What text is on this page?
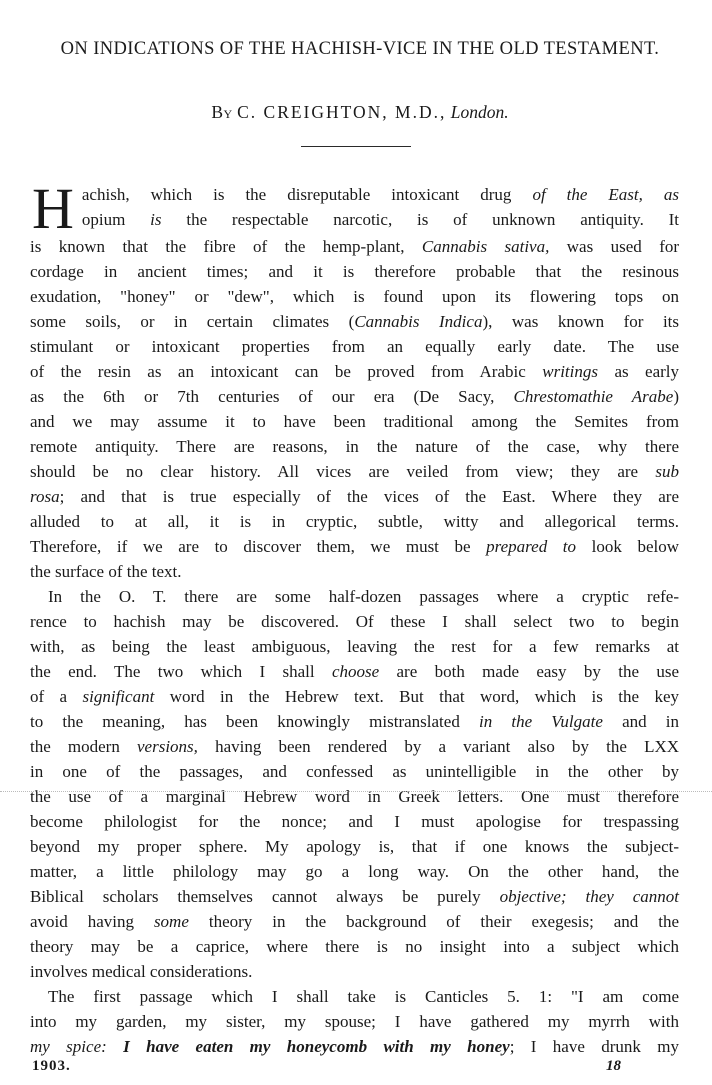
ON INDICATIONS OF THE HACHISH-VICE IN THE OLD TESTAMENT.
By C. CREIGHTON, M.D., London.
H achish, which is the disreputable intoxicant drug of the East, as
opium is the respectable narcotic, is of unknown antiquity. It
is known that the fibre of the hemp-plant, Cannabis sativa, was used for
cordage in ancient times; and it is therefore probable that the resinous
exudation, "honey" or "dew", which is found upon its flowering tops on
some soils, or in certain climates (Cannabis Indica), was known for its
stimulant or intoxicant properties from an equally early date. The use
of the resin as an intoxicant can be proved from Arabic writings as early
as the 6th or 7th centuries of our era (De Sacy, Chrestomathie Arabe)
and we may assume it to have been traditional among the Semites from
remote antiquity. There are reasons, in the nature of the case, why there
should be no clear history. All vices are veiled from view; they are sub
rosa; and that is true especially of the vices of the East. Where they are
alluded to at all, it is in cryptic, subtle, witty and allegorical terms.
Therefore, if we are to discover them, we must be prepared to look below
the surface of the text.
In the O. T. there are some half-dozen passages where a cryptic refe-
rence to hachish may be discovered. Of these I shall select two to begin
with, as being the least ambiguous, leaving the rest for a few remarks at
the end. The two which I shall choose are both made easy by the use
of a significant word in the Hebrew text. But that word, which is the key
to the meaning, has been knowingly mistranslated in the Vulgate and in
the modern versions, having been rendered by a variant also by the LXX
in one of the passages, and confessed as unintelligible in the other by
the use of a marginal Hebrew word in Greek letters. One must therefore
become philologist for the nonce; and I must apologise for trespassing
beyond my proper sphere. My apology is, that if one knows the subject-
matter, a little philology may go a long way. On the other hand, the
Biblical scholars themselves cannot always be purely objective; they cannot
avoid having some theory in the background of their exegesis; and the
theory may be a caprice, where there is no insight into a subject which
involves medical considerations.
The first passage which I shall take is Canticles 5. 1: "I am come
into my garden, my sister, my spouse; I have gathered my myrrh with
my spice: I have eaten my honeycomb with my honey; I have drunk my
1903.	18
